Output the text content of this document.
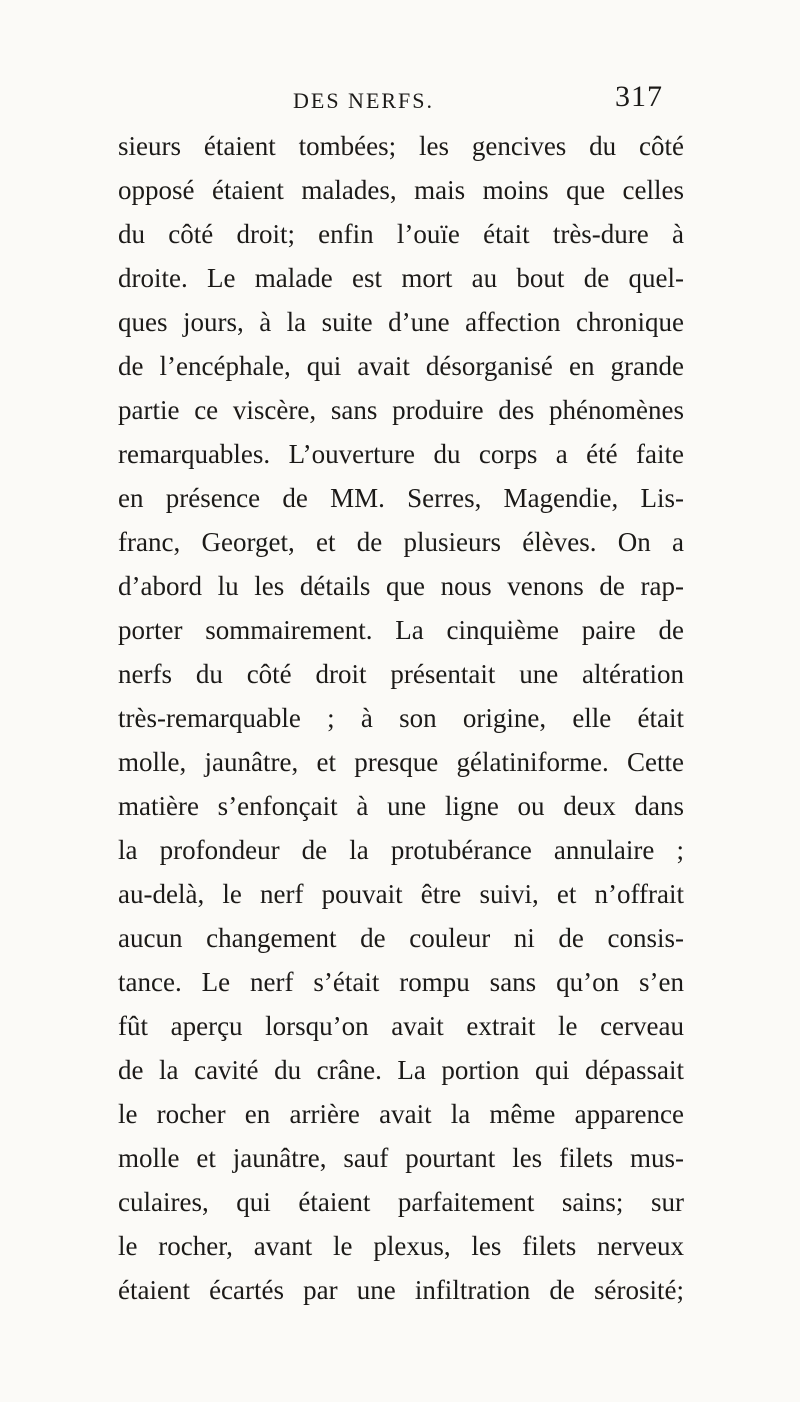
DES NERFS.	317
sieurs étaient tombées; les gencives du côté
opposé étaient malades, mais moins que celles
du côté droit; enfin l’ouïe était très-dure à
droite. Le malade est mort au bout de quel-
ques jours, à la suite d’une affection chronique
de l’encéphale, qui avait désorganisé en grande
partie ce viscère, sans produire des phénomènes
remarquables. L’ouverture du corps a été faite
en présence de MM. Serres, Magendie, Lis-
franc, Georget, et de plusieurs élèves. On a
d’abord lu les détails que nous venons de rap-
porter sommairement. La cinquième paire de
nerfs du côté droit présentait une altération
très-remarquable ; à son origine, elle était
molle, jaunâtre, et presque gélatiniforme. Cette
matière s’enfonçait à une ligne ou deux dans
la profondeur de la protubérance annulaire ;
au-delà, le nerf pouvait être suivi, et n’offrait
aucun changement de couleur ni de consis-
tance. Le nerf s’était rompu sans qu’on s’en
fût aperçu lorsqu’on avait extrait le cerveau
de la cavité du crâne. La portion qui dépassait
le rocher en arrière avait la même apparence
molle et jaunâtre, sauf pourtant les filets mus-
culaires, qui étaient parfaitement sains; sur
le rocher, avant le plexus, les filets nerveux
étaient écartés par une infiltration de sérosité;
